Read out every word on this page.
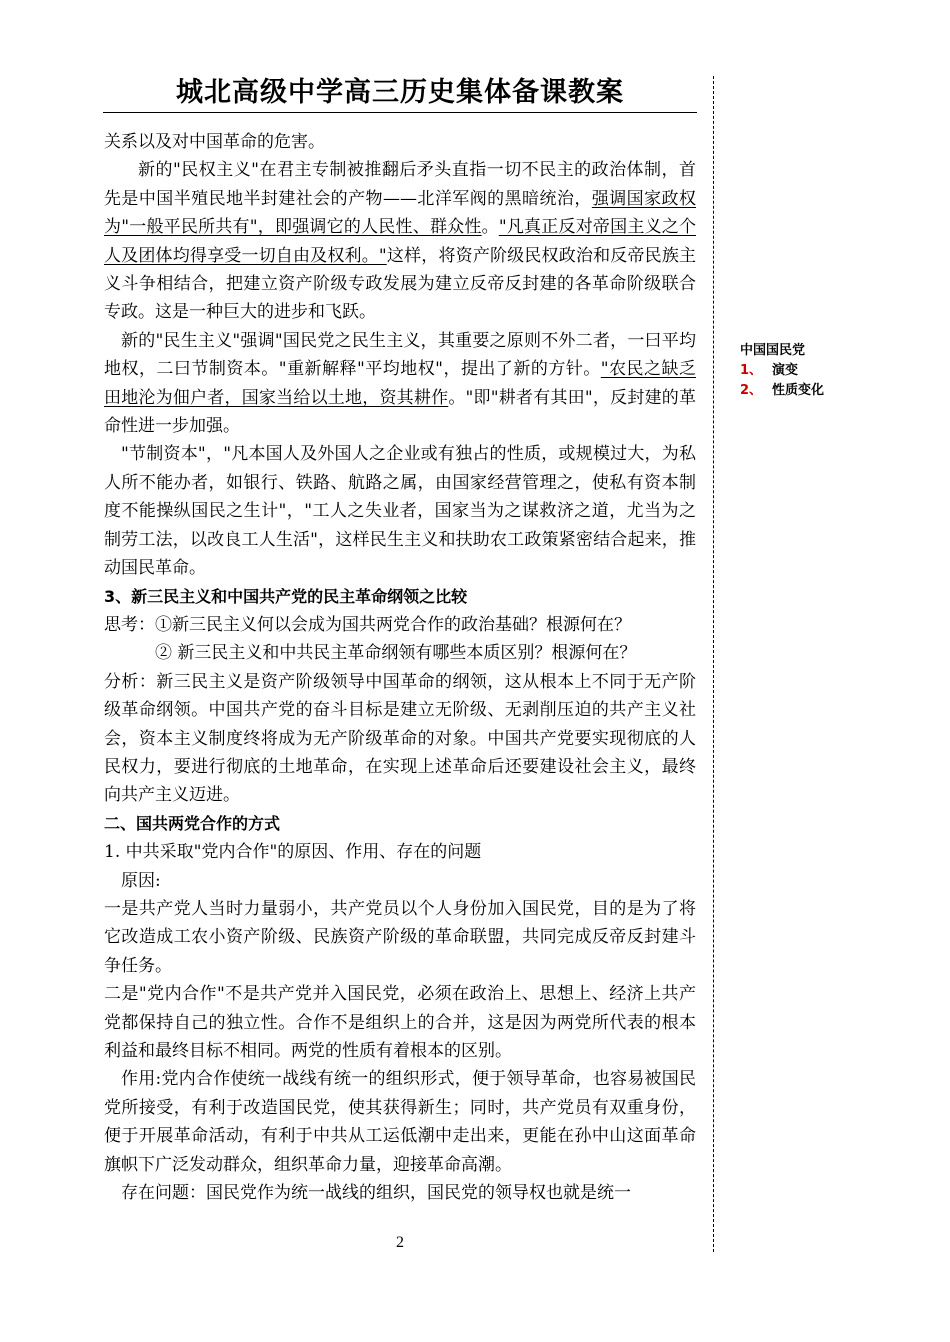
城北高级中学高三历史集体备课教案

关系以及对中国革命的危害。

新的"民权主义"在君主专制被推翻后矛头直指一切不民主的政治体制，首先是中国半殖民地半封建社会的产物——北洋军阀的黑暗统治，强调国家政权为"一般平民所共有"，即强调它的人民性、群众性。"凡真正反对帝国主义之个人及团体均得享受一切自由及权利。"这样，将资产阶级民权政治和反帝民族主义斗争相结合，把建立资产阶级专政发展为建立反帝反封建的各革命阶级联合专政。这是一种巨大的进步和飞跃。

新的"民生主义"强调"国民党之民生主义，其重要之原则不外二者，一曰平均地权，二曰节制资本。"重新解释"平均地权"，提出了新的方针。"农民之缺乏田地沦为佃户者，国家当给以土地，资其耕作。"即"耕者有其田"，反封建的革命性进一步加强。

"节制资本"，"凡本国人及外国人之企业或有独占的性质，或规模过大，为私人所不能办者，如银行、铁路、航路之属，由国家经营管理之，使私有资本制度不能操纵国民之生计"，"工人之失业者，国家当为之谋救济之道，尤当为之制劳工法，以改良工人生活"，这样民生主义和扶助农工政策紧密结合起来，推动国民革命。

3、新三民主义和中国共产党的民主革命纲领之比较

思考：①新三民主义何以会成为国共两党合作的政治基础？根源何在？

② 新三民主义和中共民主革命纲领有哪些本质区别？根源何在？

分析：新三民主义是资产阶级领导中国革命的纲领，这从根本上不同于无产阶级革命纲领。中国共产党的奋斗目标是建立无阶级、无剥削压迫的共产主义社会，资本主义制度终将成为无产阶级革命的对象。中国共产党要实现彻底的人民权力，要进行彻底的土地革命，在实现上述革命后还要建设社会主义，最终向共产主义迈进。

二、国共两党合作的方式

1. 中共采取"党内合作"的原因、作用、存在的问题

原因:

一是共产党人当时力量弱小，共产党员以个人身份加入国民党，目的是为了将它改造成工农小资产阶级、民族资产阶级的革命联盟，共同完成反帝反封建斗争任务。

二是"党内合作"不是共产党并入国民党，必须在政治上、思想上、经济上共产党都保持自己的独立性。合作不是组织上的合并，这是因为两党所代表的根本利益和最终目标不相同。两党的性质有着根本的区别。

作用:党内合作使统一战线有统一的组织形式，便于领导革命，也容易被国民党所接受，有利于改造国民党，使其获得新生；同时，共产党员有双重身份，便于开展革命活动，有利于中共从工运低潮中走出来，更能在孙中山这面革命旗帜下广泛发动群众，组织革命力量，迎接革命高潮。

存在问题：国民党作为统一战线的组织，国民党的领导权也就是统一

中国国民党
1、 演变
2、 性质变化
2
